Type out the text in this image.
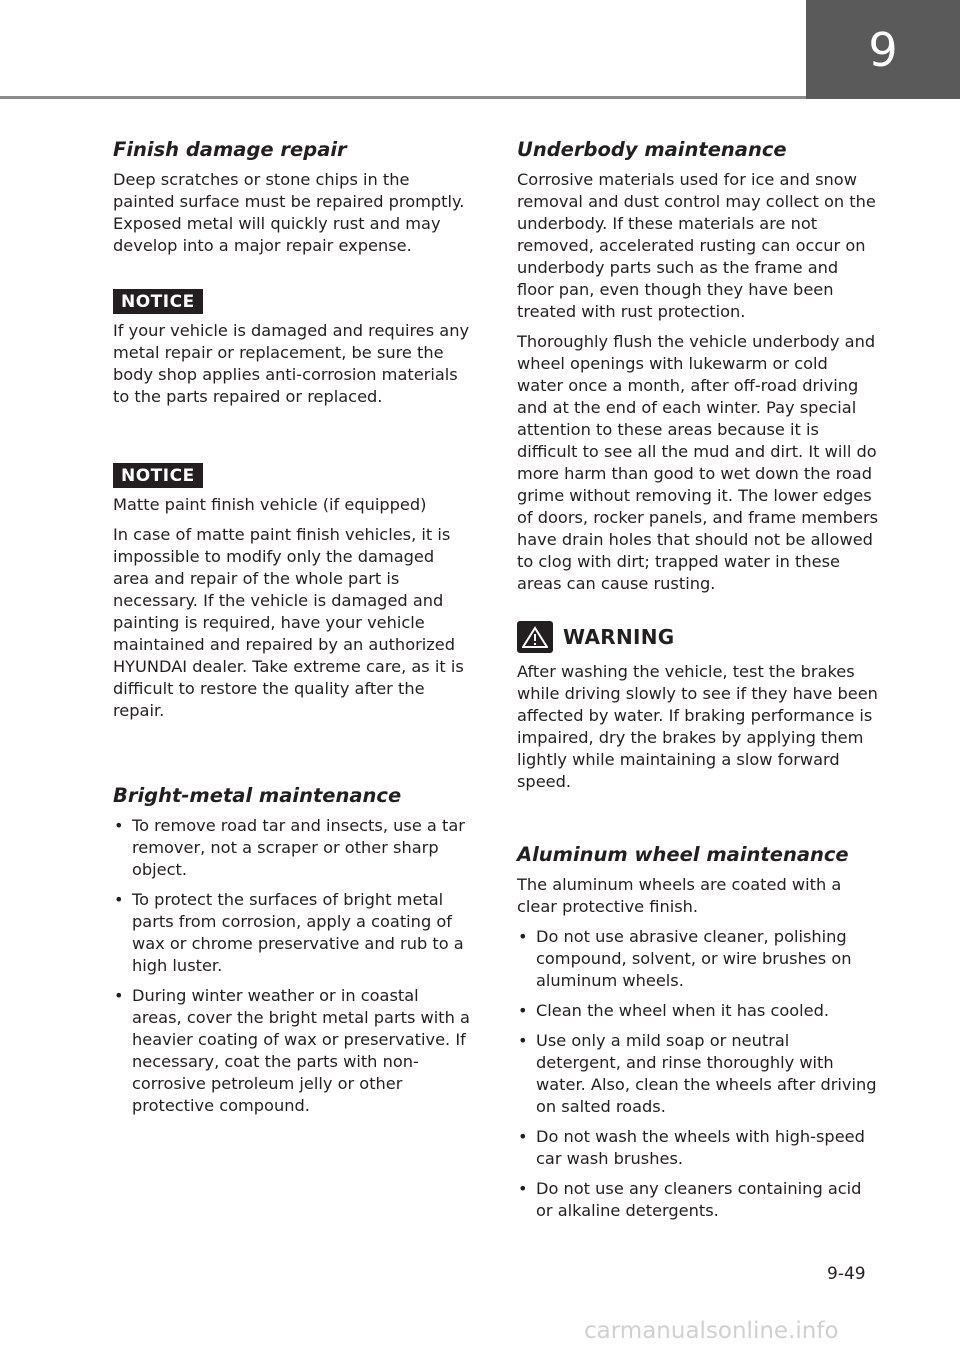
9
Finish damage repair

Deep scratches or stone chips in the painted surface must be repaired promptly. Exposed metal will quickly rust and may develop into a major repair expense.

NOTICE

If your vehicle is damaged and requires any metal repair or replacement, be sure the body shop applies anti-corrosion materials to the parts repaired or replaced.

NOTICE

Matte paint finish vehicle (if equipped)

In case of matte paint finish vehicles, it is impossible to modify only the damaged area and repair of the whole part is necessary. If the vehicle is damaged and painting is required, have your vehicle maintained and repaired by an authorized HYUNDAI dealer. Take extreme care, as it is difficult to restore the quality after the repair.

Bright-metal maintenance
• To remove road tar and insects, use a tar remover, not a scraper or other sharp object.
• To protect the surfaces of bright metal parts from corrosion, apply a coating of wax or chrome preservative and rub to a high luster.
• During winter weather or in coastal areas, cover the bright metal parts with a heavier coating of wax or preservative. If necessary, coat the parts with non-corrosive petroleum jelly or other protective compound.
Underbody maintenance

Corrosive materials used for ice and snow removal and dust control may collect on the underbody. If these materials are not removed, accelerated rusting can occur on underbody parts such as the frame and floor pan, even though they have been treated with rust protection.

Thoroughly flush the vehicle underbody and wheel openings with lukewarm or cold water once a month, after off-road driving and at the end of each winter. Pay special attention to these areas because it is difficult to see all the mud and dirt. It will do more harm than good to wet down the road grime without removing it. The lower edges of doors, rocker panels, and frame members have drain holes that should not be allowed to clog with dirt; trapped water in these areas can cause rusting.

WARNING

After washing the vehicle, test the brakes while driving slowly to see if they have been affected by water. If braking performance is impaired, dry the brakes by applying them lightly while maintaining a slow forward speed.

Aluminum wheel maintenance

The aluminum wheels are coated with a clear protective finish.

• Do not use abrasive cleaner, polishing compound, solvent, or wire brushes on aluminum wheels.
• Clean the wheel when it has cooled.
• Use only a mild soap or neutral detergent, and rinse thoroughly with water. Also, clean the wheels after driving on salted roads.
• Do not wash the wheels with high-speed car wash brushes.
• Do not use any cleaners containing acid or alkaline detergents.
9-49
carmanualsonline.info
